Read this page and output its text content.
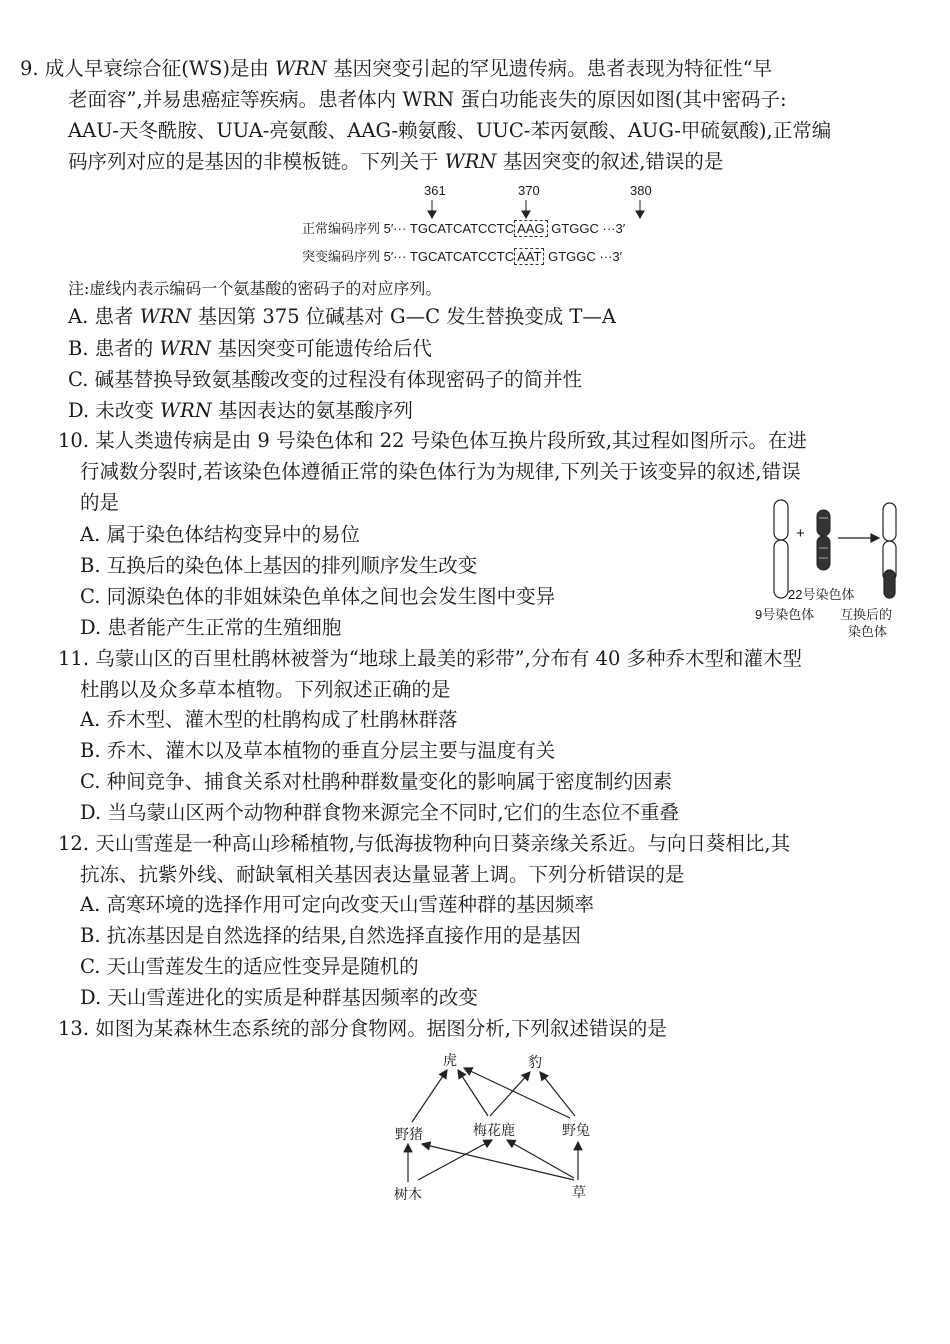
9. 成人早衰综合征(WS)是由 WRN 基因突变引起的罕见遗传病。患者表现为特征性“早
老面容”,并易患癌症等疾病。患者体内 WRN 蛋白功能丧失的原因如图(其中密码子:
AAU-天冬酰胺、UUA-亮氨酸、AAG-赖氨酸、UUC-苯丙氨酸、AUG-甲硫氨酸),正常编
码序列对应的是基因的非模板链。下列关于 WRN 基因突变的叙述,错误的是
361	370	380
正常编码序列 5′··· TGCATCATCCTC AAG GTGGC ···3′
突变编码序列 5′··· TGCATCATCCTC AAT GTGGC ···3′
注:虚线内表示编码一个氨基酸的密码子的对应序列。
A. 患者 WRN 基因第 375 位碱基对 G—C 发生替换变成 T—A
B. 患者的 WRN 基因突变可能遗传给后代
C. 碱基替换导致氨基酸改变的过程没有体现密码子的简并性
D. 未改变 WRN 基因表达的氨基酸序列
10. 某人类遗传病是由 9 号染色体和 22 号染色体互换片段所致,其过程如图所示。在进
行减数分裂时,若该染色体遵循正常的染色体行为为规律,下列关于该变异的叙述,错误
的是
A. 属于染色体结构变异中的易位
B. 互换后的染色体上基因的排列顺序发生改变
C. 同源染色体的非姐妹染色单体之间也会发生图中变异
D. 患者能产生正常的生殖细胞
+
22号染色体
9号染色体 互换后的
染色体
11. 乌蒙山区的百里杜鹃林被誉为“地球上最美的彩带”,分布有 40 多种乔木型和灌木型
杜鹃以及众多草本植物。下列叙述正确的是
A. 乔木型、灌木型的杜鹃构成了杜鹃林群落
B. 乔木、灌木以及草本植物的垂直分层主要与温度有关
C. 种间竞争、捕食关系对杜鹃种群数量变化的影响属于密度制约因素
D. 当乌蒙山区两个动物种群食物来源完全不同时,它们的生态位不重叠
12. 天山雪莲是一种高山珍稀植物,与低海拔物种向日葵亲缘关系近。与向日葵相比,其
抗冻、抗紫外线、耐缺氧相关基因表达量显著上调。下列分析错误的是
A. 高寒环境的选择作用可定向改变天山雪莲种群的基因频率
B. 抗冻基因是自然选择的结果,自然选择直接作用的是基因
C. 天山雪莲发生的适应性变异是随机的
D. 天山雪莲进化的实质是种群基因频率的改变
13. 如图为某森林生态系统的部分食物网。据图分析,下列叙述错误的是
虎	豹
野猪	梅花鹿	野兔
树木	草
